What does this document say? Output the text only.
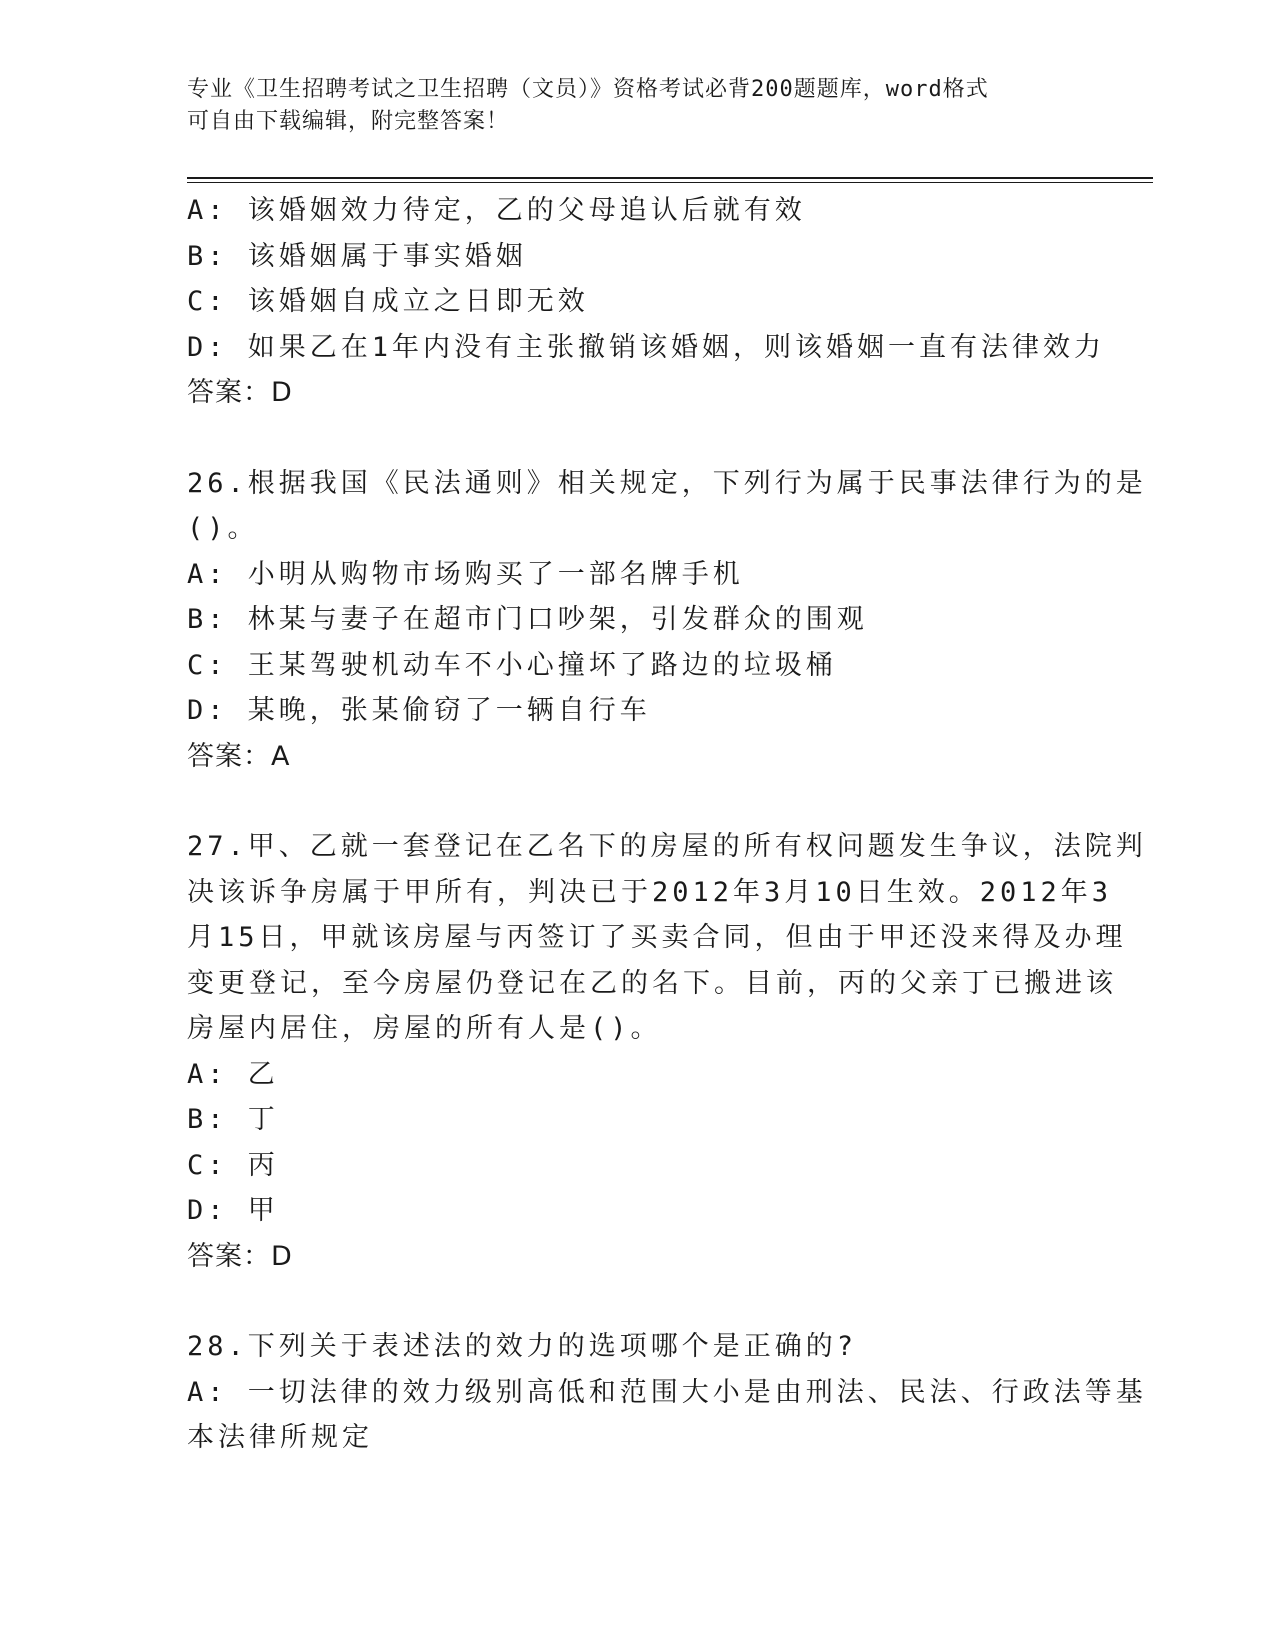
专业《卫生招聘考试之卫生招聘（文员）》资格考试必背200题题库，word格式
可自由下载编辑，附完整答案！
A: 该婚姻效力待定，乙的父母追认后就有效
B: 该婚姻属于事实婚姻
C: 该婚姻自成立之日即无效
D: 如果乙在1年内没有主张撤销该婚姻，则该婚姻一直有法律效力
答案：D
26.根据我国《民法通则》相关规定，下列行为属于民事法律行为的是
()。
A: 小明从购物市场购买了一部名牌手机
B: 林某与妻子在超市门口吵架，引发群众的围观
C: 王某驾驶机动车不小心撞坏了路边的垃圾桶
D: 某晚，张某偷窃了一辆自行车
答案：A
27.甲、乙就一套登记在乙名下的房屋的所有权问题发生争议，法院判
决该诉争房属于甲所有，判决已于2012年3月10日生效。2012年3
月15日，甲就该房屋与丙签订了买卖合同，但由于甲还没来得及办理
变更登记，至今房屋仍登记在乙的名下。目前，丙的父亲丁已搬进该
房屋内居住，房屋的所有人是()。
A: 乙
B: 丁
C: 丙
D: 甲
答案：D
28.下列关于表述法的效力的选项哪个是正确的?
A: 一切法律的效力级别高低和范围大小是由刑法、民法、行政法等基
本法律所规定
